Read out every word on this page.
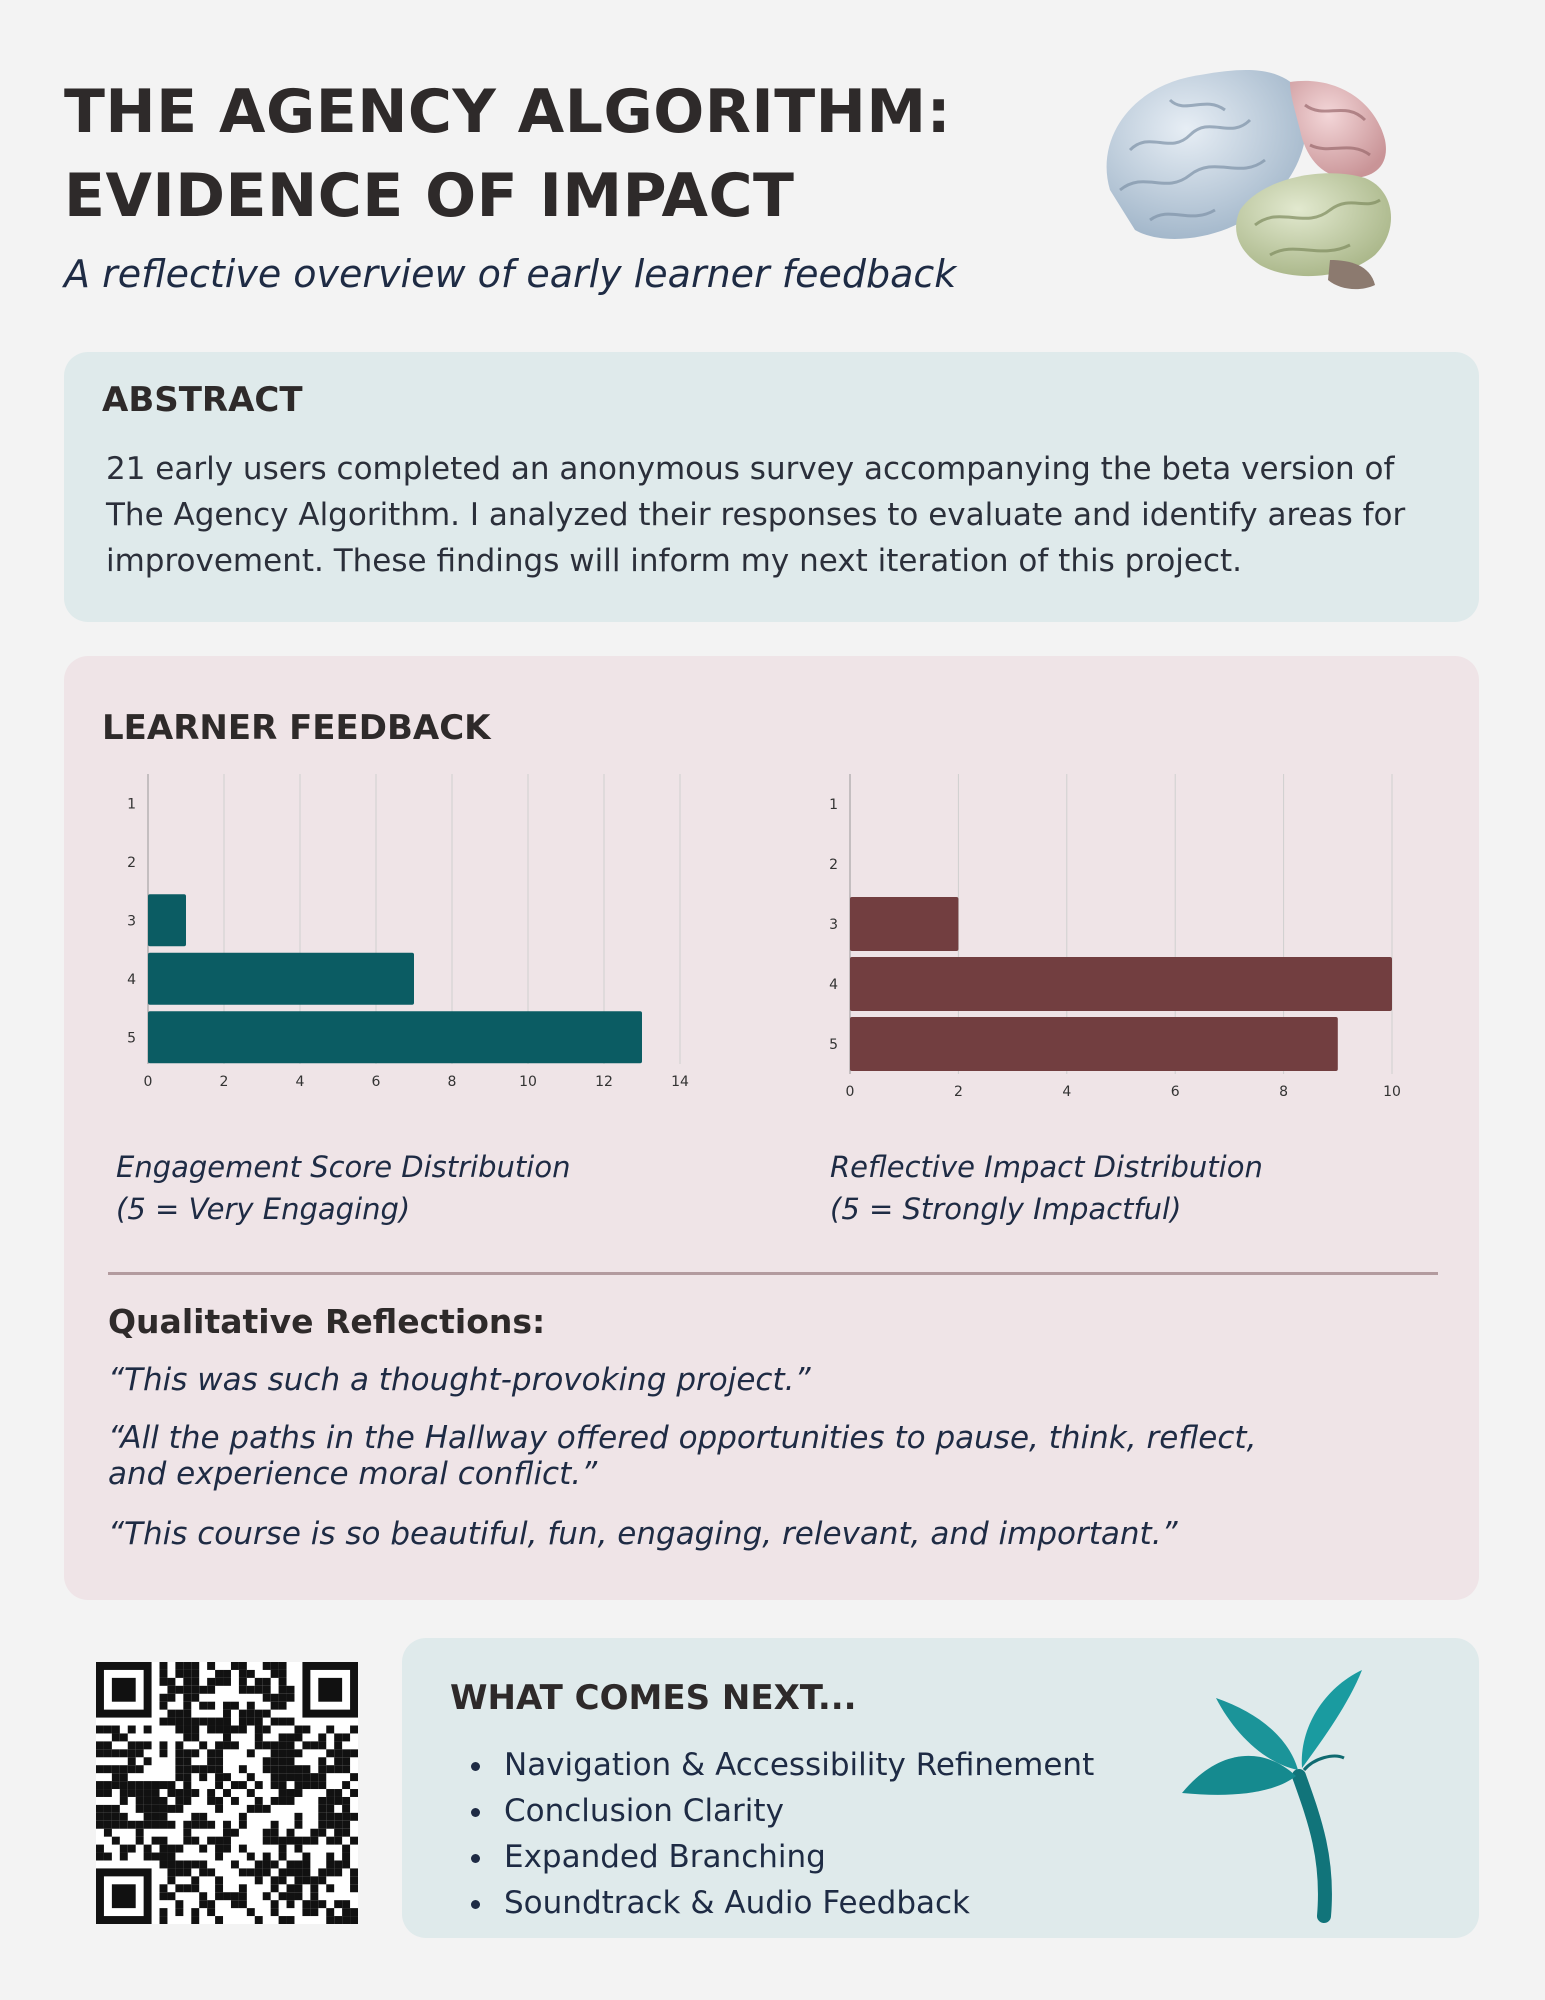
THE AGENCY ALGORITHM:
EVIDENCE OF IMPACT

A reflective overview of early learner feedback

ABSTRACT

21 early users completed an anonymous survey accompanying the beta version of The Agency Algorithm. I analyzed their responses to evaluate and identify areas for improvement. These findings will inform my next iteration of this project.

LEARNER FEEDBACK
0	2	4	6	8	10	12	14
1
2
3
4
5
0	2	4	6	8	10
1
2
3
4
5
Engagement Score Distribution
(5 = Very Engaging)
Reflective Impact Distribution
(5 = Strongly Impactful)
Qualitative Reflections:

“This was such a thought-provoking project.”

“All the paths in the Hallway offered opportunities to pause, think, reflect, and experience moral conflict.”

“This course is so beautiful, fun, engaging, relevant, and important.”

WHAT COMES NEXT...
• Navigation & Accessibility Refinement
• Conclusion Clarity
• Expanded Branching
• Soundtrack & Audio Feedback
